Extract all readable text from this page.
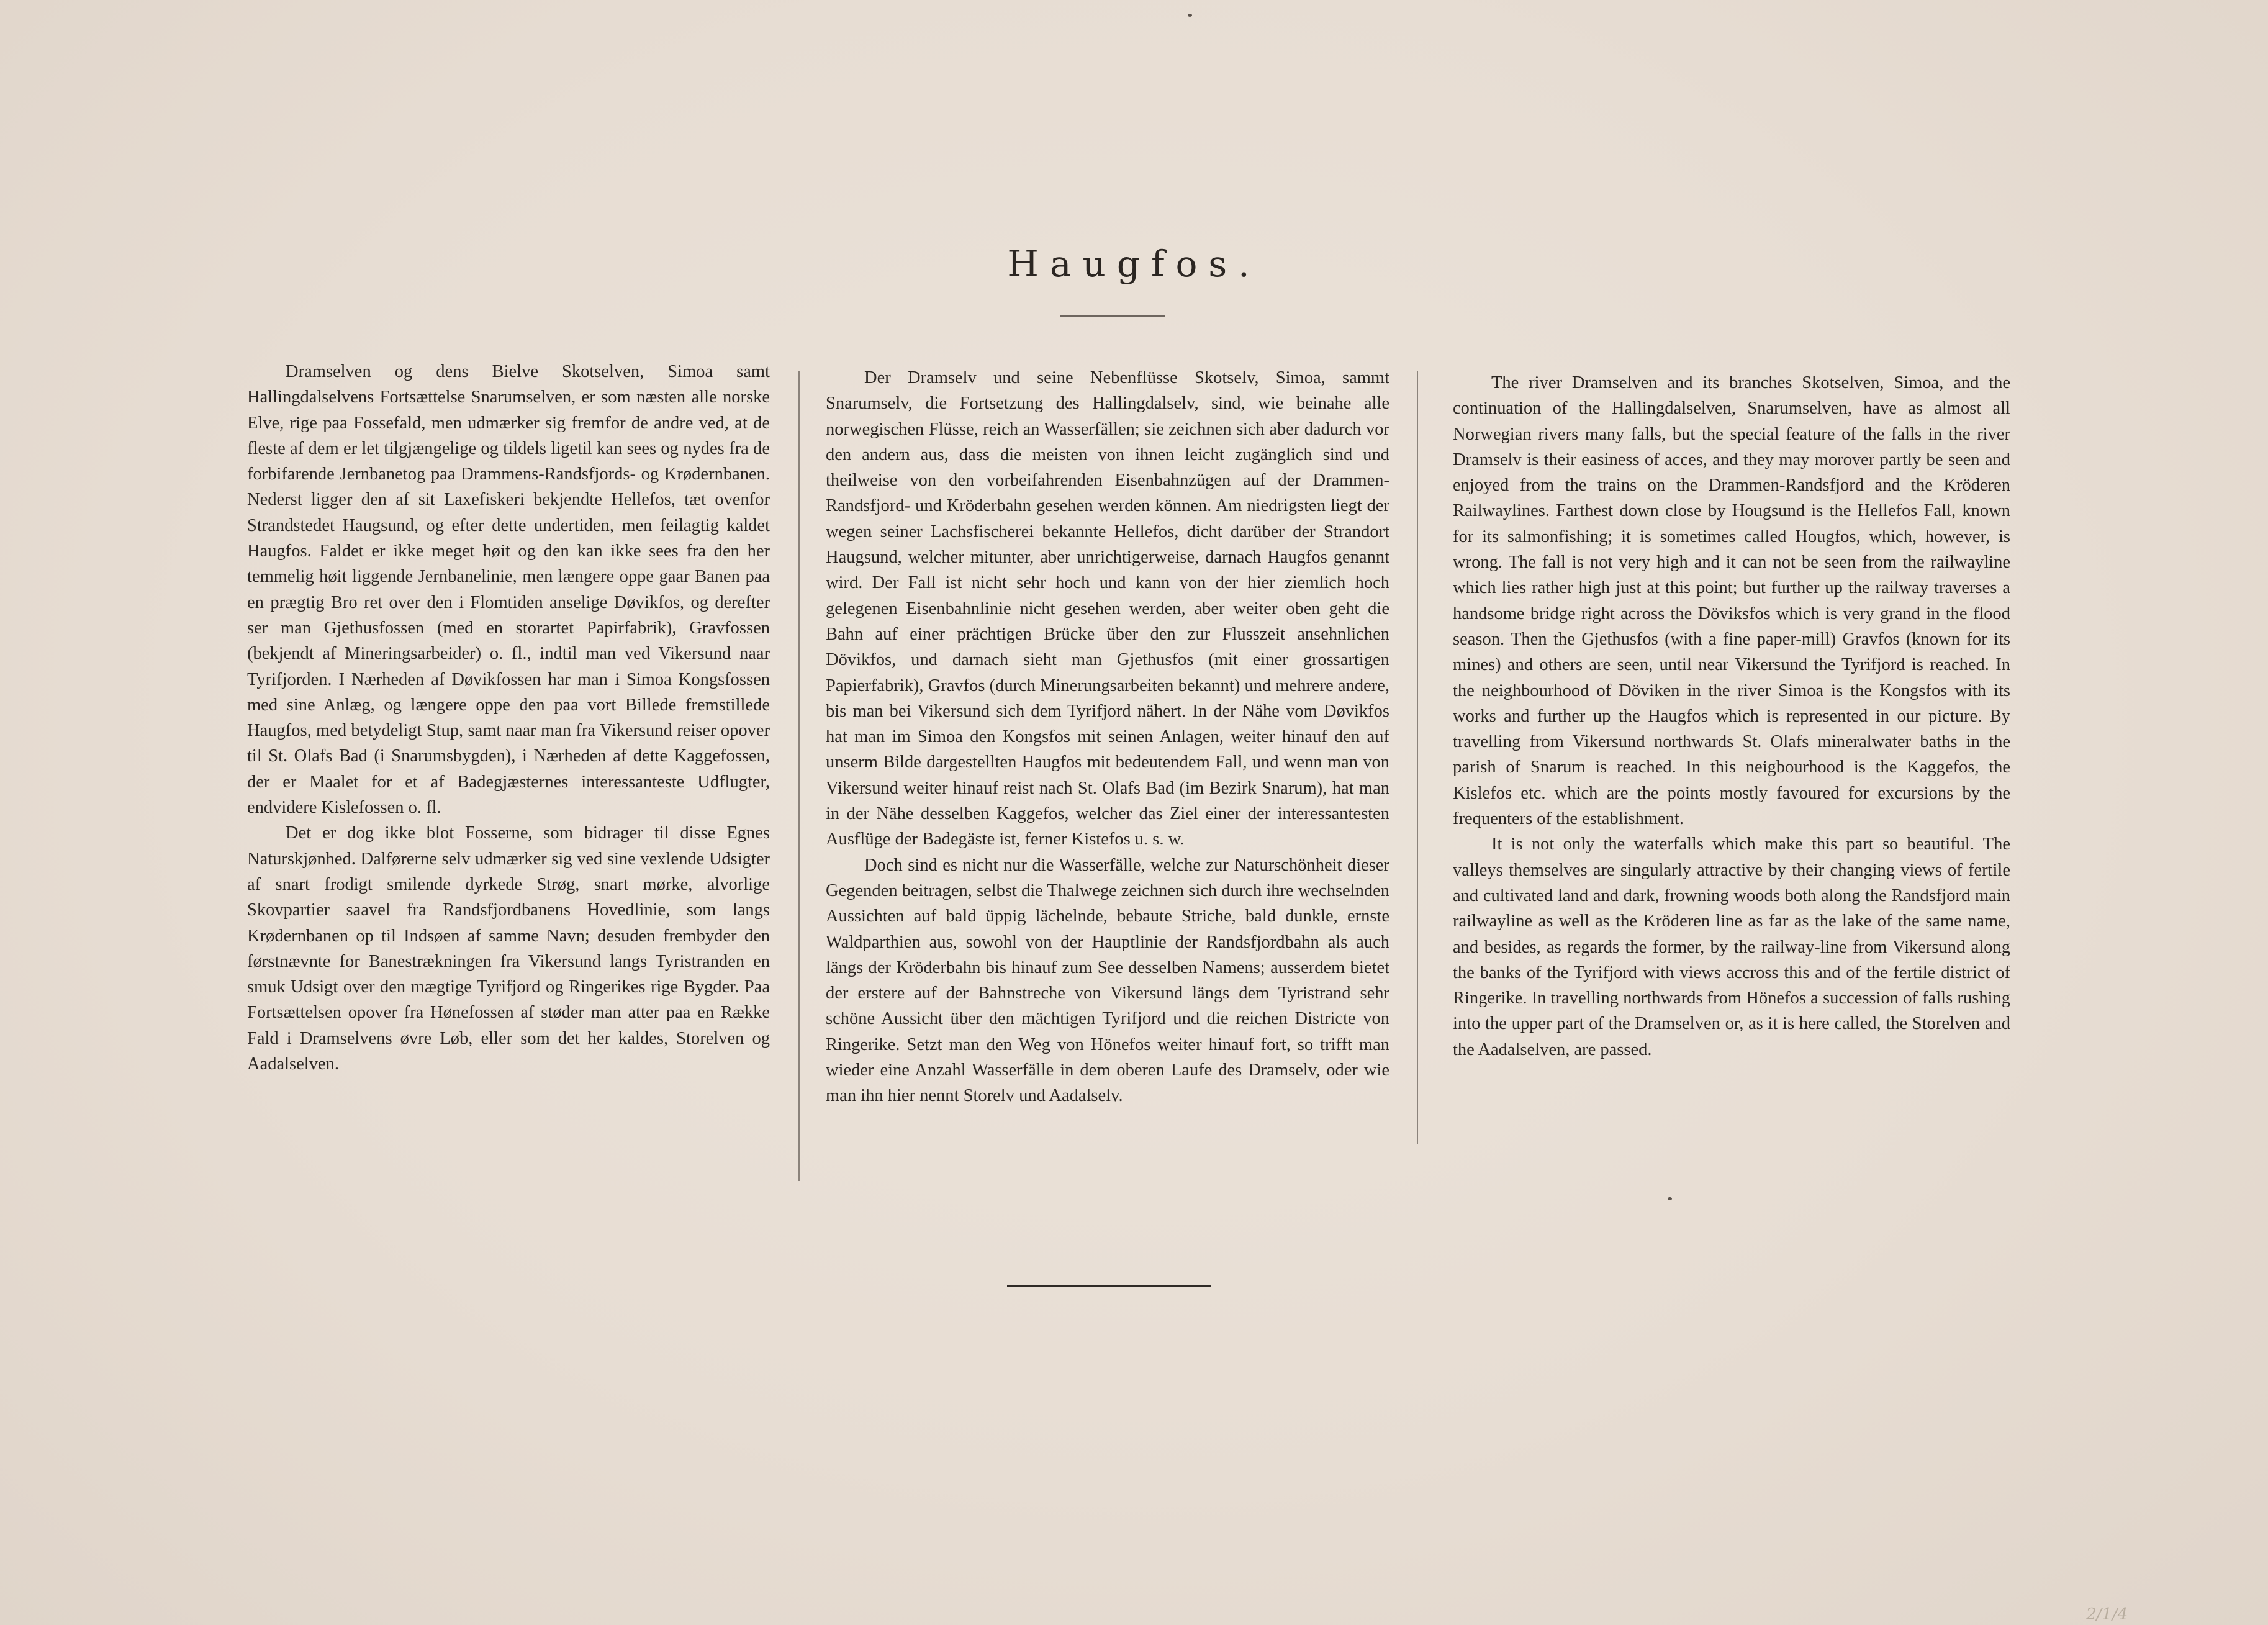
Haugfos.

Dramselven og dens Bielve Skotselven, Simoa samt Hallingdalselvens Fortsættelse Snarumselven, er som næsten alle norske Elve, rige paa Fossefald, men udmærker sig fremfor de andre ved, at de fleste af dem er let tilgjængelige og tildels ligetil kan sees og nydes fra de forbifarende Jernbanetog paa Drammens-Randsfjords- og Krødernbanen. Nederst ligger den af sit Laxefiskeri bekjendte Hellefos, tæt ovenfor Strandstedet Haugsund, og efter dette undertiden, men feilagtig kaldet Haugfos. Faldet er ikke meget høit og den kan ikke sees fra den her temmelig høit liggende Jernbanelinie, men længere oppe gaar Banen paa en prægtig Bro ret over den i Flomtiden anselige Døvikfos, og derefter ser man Gjethusfossen (med en storartet Papirfabrik), Gravfossen (bekjendt af Mineringsarbeider) o. fl., indtil man ved Vikersund naar Tyrifjorden. I Nærheden af Døvikfossen har man i Simoa Kongsfossen med sine Anlæg, og længere oppe den paa vort Billede fremstillede Haugfos, med betydeligt Stup, samt naar man fra Vikersund reiser opover til St. Olafs Bad (i Snarumsbygden), i Nærheden af dette Kaggefossen, der er Maalet for et af Badegjæsternes interessanteste Udflugter, endvidere Kislefossen o. fl.

Det er dog ikke blot Fosserne, som bidrager til disse Egnes Naturskjønhed. Dalførerne selv udmærker sig ved sine vexlende Udsigter af snart frodigt smilende dyrkede Strøg, snart mørke, alvorlige Skovpartier saavel fra Randsfjordbanens Hovedlinie, som langs Krødernbanen op til Indsøen af samme Navn; desuden frembyder den førstnævnte for Banestrækningen fra Vikersund langs Tyristranden en smuk Udsigt over den mægtige Tyrifjord og Ringerikes rige Bygder. Paa Fortsættelsen opover fra Hønefossen af støder man atter paa en Række Fald i Dramselvens øvre Løb, eller som det her kaldes, Storelven og Aadalselven.

Der Dramselv und seine Nebenflüsse Skotselv, Simoa, sammt Snarumselv, die Fortsetzung des Hallingdalselv, sind, wie beinahe alle norwegischen Flüsse, reich an Wasserfällen; sie zeichnen sich aber dadurch vor den andern aus, dass die meisten von ihnen leicht zugänglich sind und theilweise von den vorbeifahrenden Eisenbahnzügen auf der Drammen-Randsfjord- und Kröderbahn gesehen werden können. Am niedrigsten liegt der wegen seiner Lachsfischerei bekannte Hellefos, dicht darüber der Strandort Haugsund, welcher mitunter, aber unrichtigerweise, darnach Haugfos genannt wird. Der Fall ist nicht sehr hoch und kann von der hier ziemlich hoch gelegenen Eisenbahnlinie nicht gesehen werden, aber weiter oben geht die Bahn auf einer prächtigen Brücke über den zur Flusszeit ansehnlichen Dövikfos, und darnach sieht man Gjethusfos (mit einer grossartigen Papierfabrik), Gravfos (durch Minerungsarbeiten bekannt) und mehrere andere, bis man bei Vikersund sich dem Tyrifjord nähert. In der Nähe vom Døvikfos hat man im Simoa den Kongsfos mit seinen Anlagen, weiter hinauf den auf unserm Bilde dargestellten Haugfos mit bedeutendem Fall, und wenn man von Vikersund weiter hinauf reist nach St. Olafs Bad (im Bezirk Snarum), hat man in der Nähe desselben Kaggefos, welcher das Ziel einer der interessantesten Ausflüge der Badegäste ist, ferner Kistefos u. s. w.

Doch sind es nicht nur die Wasserfälle, welche zur Naturschönheit dieser Gegenden beitragen, selbst die Thalwege zeichnen sich durch ihre wechselnden Aussichten auf bald üppig lächelnde, bebaute Striche, bald dunkle, ernste Waldparthien aus, sowohl von der Hauptlinie der Randsfjordbahn als auch längs der Kröderbahn bis hinauf zum See desselben Namens; ausserdem bietet der erstere auf der Bahnstreche von Vikersund längs dem Tyristrand sehr schöne Aussicht über den mächtigen Tyrifjord und die reichen Districte von Ringerike. Setzt man den Weg von Hönefos weiter hinauf fort, so trifft man wieder eine Anzahl Wasserfälle in dem oberen Laufe des Dramselv, oder wie man ihn hier nennt Storelv und Aadalselv.

The river Dramselven and its branches Skotselven, Simoa, and the continuation of the Hallingdalselven, Snarumselven, have as almost all Norwegian rivers many falls, but the special feature of the falls in the river Dramselv is their easiness of acces, and they may morover partly be seen and enjoyed from the trains on the Drammen-Randsfjord and the Kröderen Railwaylines. Farthest down close by Hougsund is the Hellefos Fall, known for its salmonfishing; it is sometimes called Hougfos, which, however, is wrong. The fall is not very high and it can not be seen from the railwayline which lies rather high just at this point; but further up the railway traverses a handsome bridge right across the Döviksfos which is very grand in the flood season. Then the Gjethusfos (with a fine paper-mill) Gravfos (known for its mines) and others are seen, until near Vikersund the Tyrifjord is reached. In the neighbourhood of Döviken in the river Simoa is the Kongsfos with its works and further up the Haugfos which is represented in our picture. By travelling from Vikersund northwards St. Olafs mineralwater baths in the parish of Snarum is reached. In this neigbourhood is the Kaggefos, the Kislefos etc. which are the points mostly favoured for excursions by the frequenters of the establishment.

It is not only the waterfalls which make this part so beautiful. The valleys themselves are singularly attractive by their changing views of fertile and cultivated land and dark, frowning woods both along the Randsfjord main railwayline as well as the Kröderen line as far as the lake of the same name, and besides, as regards the former, by the railway-line from Vikersund along the banks of the Tyrifjord with views accross this and of the fertile district of Ringerike. In travelling northwards from Hönefos a succession of falls rushing into the upper part of the Dramselven or, as it is here called, the Storelven and the Aadalselven, are passed.

2/1/4
